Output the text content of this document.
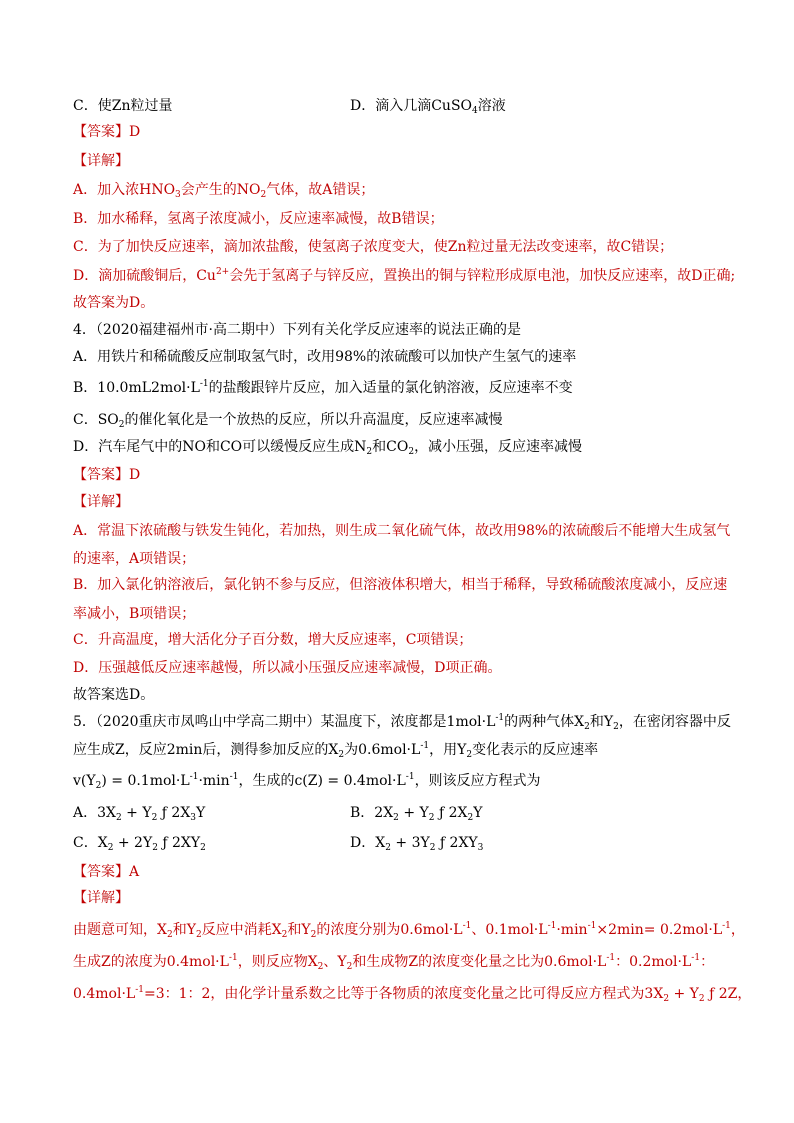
C．使Zn粒过量	D．滴入几滴CuSO$_4$溶液
【答案】D
【详解】
A．加入浓$HNO_3$会产生的$NO_2$气体，故A错误；
B．加水稀释，氢离子浓度减小，反应速率减慢，故B错误；
C．为了加快反应速率，滴加浓盐酸，使氢离子浓度变大，使Zn粒过量无法改变速率，故C错误；
D．滴加硫酸铜后，$Cu^{2+}$会先于氢离子与锌反应，置换出的铜与锌粒形成原电池，加快反应速率，故D正确;
故答案为D。
4．（2020福建福州市·高二期中）下列有关化学反应速率的说法正确的是
A．用铁片和稀硫酸反应制取氢气时，改用98%的浓硫酸可以加快产生氢气的速率
B．$10.0mL2mol\cdot L^{-1}$的盐酸跟锌片反应，加入适量的氯化钠溶液，反应速率不变
C．$SO_2$的催化氧化是一个放热的反应，所以升高温度，反应速率减慢
D．汽车尾气中的NO和CO可以缓慢反应生成$N_2$和$CO_2$，减小压强，反应速率减慢
【答案】D
【详解】
A．常温下浓硫酸与铁发生钝化，若加热，则生成二氧化硫气体，故改用98%的浓硫酸后不能增大生成氢气
的速率，A项错误；
B．加入氯化钠溶液后，氯化钠不参与反应，但溶液体积增大，相当于稀释，导致稀硫酸浓度减小，反应速
率减小，B项错误；
C．升高温度，增大活化分子百分数，增大反应速率，C项错误；
D．压强越低反应速率越慢，所以减小压强反应速率减慢，D项正确。
故答案选D。
5．（2020重庆市凤鸣山中学高二期中）某温度下，浓度都是$1mol\cdot L^{-1}$的两种气体$X_2$和$Y_2$，在密闭容器中反
应生成Z，反应2min后，测得参加反应的$X_2$为$0.6mol\cdot L^{-1}$，用$Y_2$变化表示的反应速率
$v(Y_2) = 0.1mol\cdot L^{-1}\cdot\min^{-1}$，生成的$c(Z) = 0.4mol\cdot L^{-1}$，则该反应方程式为
A．$3X_2 + Y_2$ ƒ $2X_3Y$	B．$2X_2 + Y_2$ ƒ $2X_2Y$
C．$X_2 + 2Y_2$ ƒ $2XY_2$	D．$X_2 + 3Y_2$ ƒ $2XY_3$
【答案】A
【详解】
由题意可知，$X_2$和$Y_2$反应中消耗$X_2$和$Y_2$的浓度分别为$0.6mol\cdot L^{-1}$、$0.1mol\cdot L^{-1}\cdot\min^{-1}\times 2\min= 0.2mol\cdot L^{-1}$，
生成Z的浓度为$0.4mol\cdot L^{-1}$，则反应物$X_2$、$Y_2$和生成物Z的浓度变化量之比为$0.6mol\cdot L^{-1}$：$0.2mol\cdot L^{-1}$：
$0.4mol\cdot L^{-1}=3$：1：2，由化学计量系数之比等于各物质的浓度变化量之比可得反应方程式为$3X_2 + Y_2$ ƒ 2Z，
